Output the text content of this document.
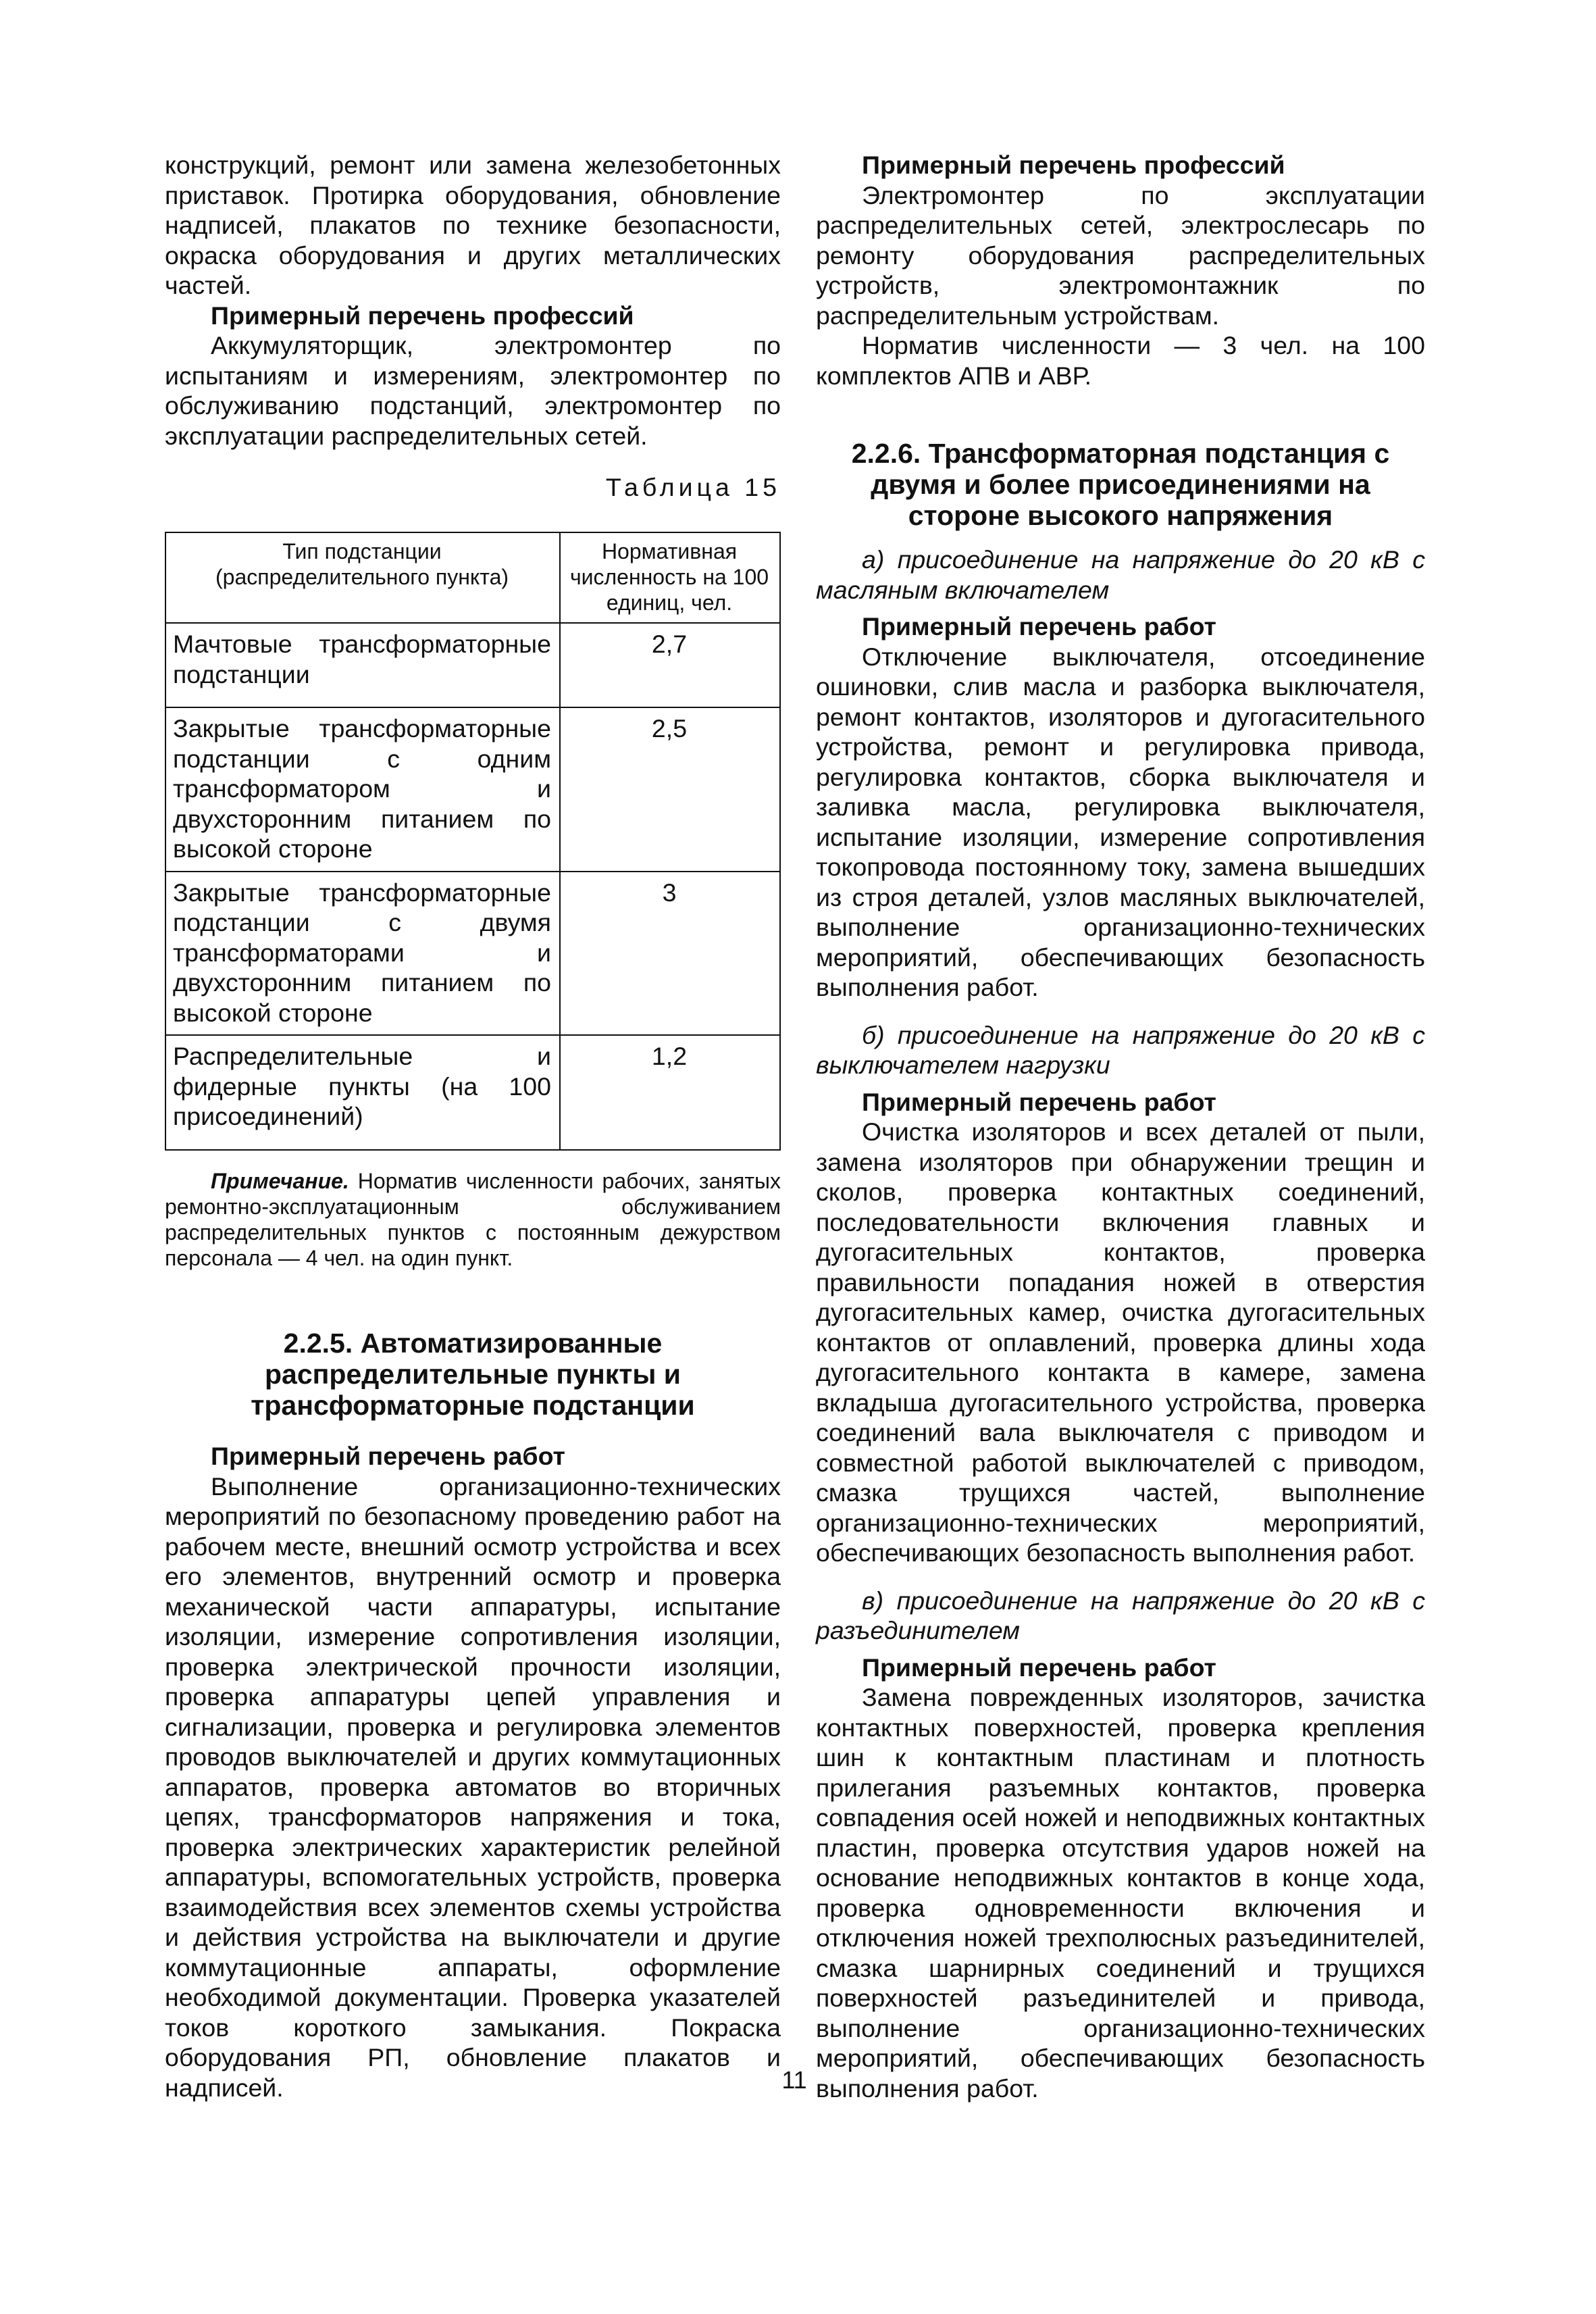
конструкций, ремонт или замена железобетонных приставок. Протирка оборудования, обновление надписей, плакатов по технике безопасности, окраска оборудования и других металлических частей.

Примерный перечень профессий

Аккумуляторщик, электромонтер по испытаниям и измерениям, электромонтер по обслуживанию подстанций, электромонтер по эксплуатации распределительных сетей.

Таблица 15
Тип подстанции (распределительного пункта)	Нормативная численность на 100 единиц, чел.
Мачтовые трансформаторные подстанции	2,7
Закрытые трансформаторные подстанции с одним трансформатором и двухсторонним питанием по высокой стороне	2,5
Закрытые трансформаторные подстанции с двумя трансформаторами и двухсторонним питанием по высокой стороне	3
Распределительные и фидерные пункты (на 100 присоединений)	1,2

Примечание. Норматив численности рабочих, занятых ремонтно-эксплуатационным обслуживанием распределительных пунктов с постоянным дежурством персонала — 4 чел. на один пункт.

2.2.5. Автоматизированные распределительные пункты и трансформаторные подстанции
Примерный перечень работ

Выполнение организационно-технических мероприятий по безопасному проведению работ на рабочем месте, внешний осмотр устройства и всех его элементов, внутренний осмотр и проверка механической части аппаратуры, испытание изоляции, измерение сопротивления изоляции, проверка электрической прочности изоляции, проверка аппаратуры цепей управления и сигнализации, проверка и регулировка элементов проводов выключателей и других коммутационных аппаратов, проверка автоматов во вторичных цепях, трансформаторов напряжения и тока, проверка электрических характеристик релейной аппаратуры, вспомогательных устройств, проверка взаимодействия всех элементов схемы устройства и действия устройства на выключатели и другие коммутационные аппараты, оформление необходимой документации. Проверка указателей токов короткого замыкания. Покраска оборудования РП, обновление плакатов и надписей.

Примерный перечень профессий

Электромонтер по эксплуатации распределительных сетей, электрослесарь по ремонту оборудования распределительных устройств, электромонтажник по распределительным устройствам.

Норматив численности — 3 чел. на 100 комплектов АПВ и АВР.

2.2.6. Трансформаторная подстанция с двумя и более присоединениями на стороне высокого напряжения

а) присоединение на напряжение до 20 кВ с масляным включателем

Примерный перечень работ

Отключение выключателя, отсоединение ошиновки, слив масла и разборка выключателя, ремонт контактов, изоляторов и дугогасительного устройства, ремонт и регулировка привода, регулировка контактов, сборка выключателя и заливка масла, регулировка выключателя, испытание изоляции, измерение сопротивления токопровода постоянному току, замена вышедших из строя деталей, узлов масляных выключателей, выполнение организационно-технических мероприятий, обеспечивающих безопасность выполнения работ.

б) присоединение на напряжение до 20 кВ с выключателем нагрузки

Примерный перечень работ

Очистка изоляторов и всех деталей от пыли, замена изоляторов при обнаружении трещин и сколов, проверка контактных соединений, последовательности включения главных и дугогасительных контактов, проверка правильности попадания ножей в отверстия дугогасительных камер, очистка дугогасительных контактов от оплавлений, проверка длины хода дугогасительного контакта в камере, замена вкладыша дугогасительного устройства, проверка соединений вала выключателя с приводом и совместной работой выключателей с приводом, смазка трущихся частей, выполнение организационно-технических мероприятий, обеспечивающих безопасность выполнения работ.

в) присоединение на напряжение до 20 кВ с разъединителем

Примерный перечень работ

Замена поврежденных изоляторов, зачистка контактных поверхностей, проверка крепления шин к контактным пластинам и плотность прилегания разъемных контактов, проверка совпадения осей ножей и неподвижных контактных пластин, проверка отсутствия ударов ножей на основание неподвижных контактов в конце хода, проверка одновременности включения и отключения ножей трехполюсных разъединителей, смазка шарнирных соединений и трущихся поверхностей разъединителей и привода, выполнение организационно-технических мероприятий, обеспечивающих безопасность выполнения работ.

11
